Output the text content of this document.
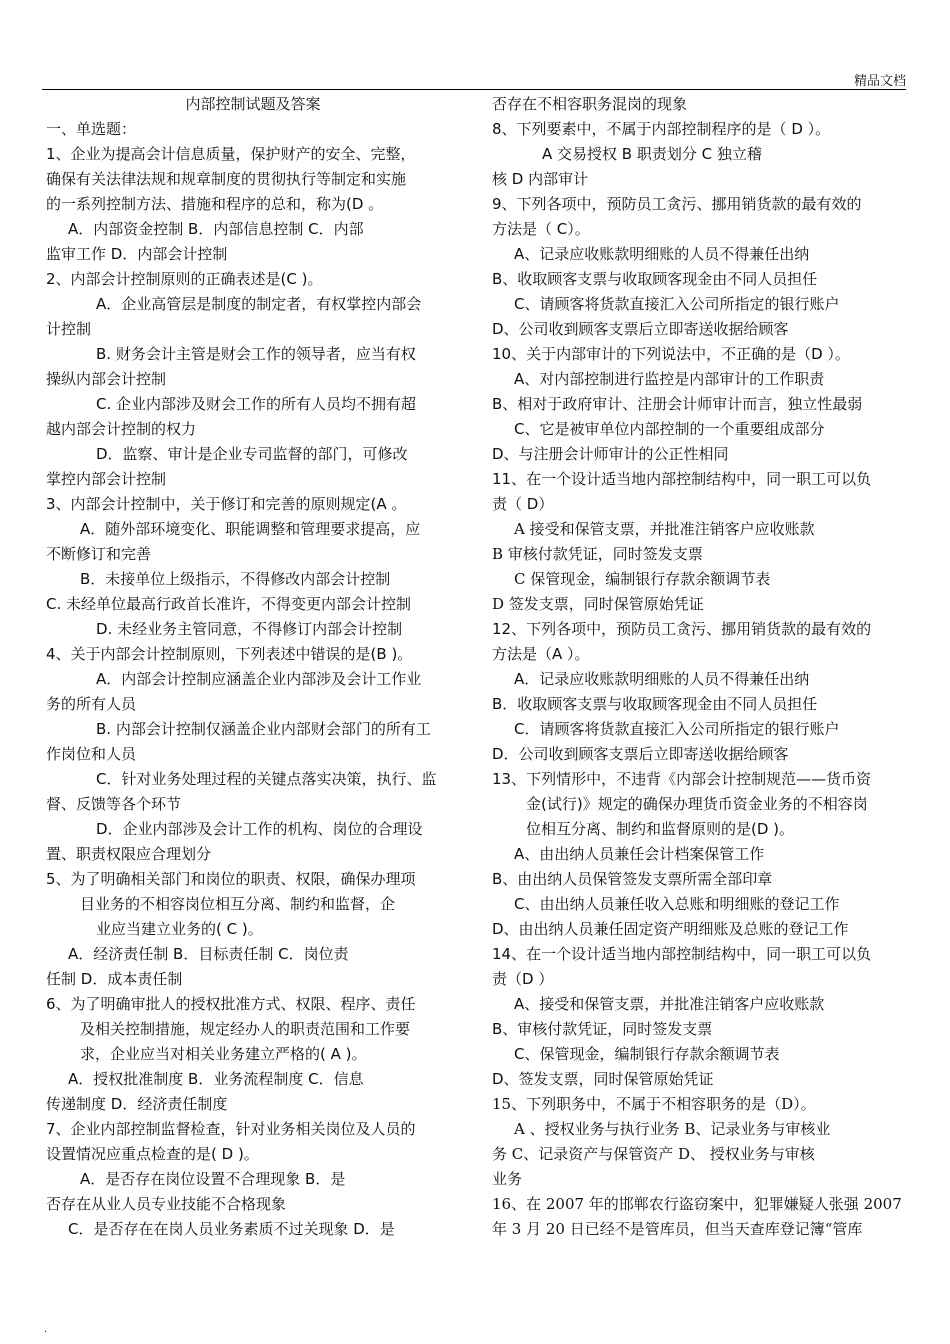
精品文档
内部控制试题及答案
一、单选题：
1、企业为提高会计信息质量，保护财产的安全、完整，
确保有关法律法规和规章制度的贯彻执行等制定和实施
的一系列控制方法、措施和程序的总和，称为(D 。
A．内部资金控制 B．内部信息控制 C．内部
监审工作 D．内部会计控制
2、内部会计控制原则的正确表述是(C )。
A．企业高管层是制度的制定者，有权掌控内部会
计控制
B. 财务会计主管是财会工作的领导者，应当有权
操纵内部会计控制
C. 企业内部涉及财会工作的所有人员均不拥有超
越内部会计控制的权力
D．监察、审计是企业专司监督的部门，可修改
掌控内部会计控制
3、内部会计控制中，关于修订和完善的原则规定(A 。
A．随外部环境变化、职能调整和管理要求提高，应
不断修订和完善
B．未接单位上级指示，不得修改内部会计控制
C. 未经单位最高行政首长准许，不得变更内部会计控制
D. 未经业务主管同意，不得修订内部会计控制
4、关于内部会计控制原则，下列表述中错误的是(B )。
A．内部会计控制应涵盖企业内部涉及会计工作业
务的所有人员
B. 内部会计控制仅涵盖企业内部财会部门的所有工
作岗位和人员
C．针对业务处理过程的关键点落实决策，执行、监
督、反馈等各个环节
D．企业内部涉及会计工作的机构、岗位的合理设
置、职责权限应合理划分
5、为了明确相关部门和岗位的职责、权限，确保办理项
目业务的不相容岗位相互分离、制约和监督，企
业应当建立业务的( C )。
A．经济责任制 B．目标责任制 C．岗位责
任制 D．成本责任制
6、为了明确审批人的授权批准方式、权限、程序、责任
及相关控制措施，规定经办人的职责范围和工作要
求，企业应当对相关业务建立严格的( A )。
A．授权批准制度 B．业务流程制度 C．信息
传递制度 D．经济责任制度
7、企业内部控制监督检查，针对业务相关岗位及人员的
设置情况应重点检查的是( D )。
A．是否存在岗位设置不合理现象 B．是
否存在从业人员专业技能不合格现象
C．是否存在在岗人员业务素质不过关现象 D．是
否存在不相容职务混岗的现象
8、下列要素中，不属于内部控制程序的是（ D ）。
A 交易授权 B 职责划分 C 独立稽
核 D 内部审计
9、下列各项中，预防员工贪污、挪用销货款的最有效的
方法是（ C）。
A、记录应收账款明细账的人员不得兼任出纳
B、收取顾客支票与收取顾客现金由不同人员担任
C、请顾客将货款直接汇入公司所指定的银行账户
D、公司收到顾客支票后立即寄送收据给顾客
10、关于内部审计的下列说法中，不正确的是（D ）。
A、对内部控制进行监控是内部审计的工作职责
B、相对于政府审计、注册会计师审计而言，独立性最弱
C、它是被审单位内部控制的一个重要组成部分
D、与注册会计师审计的公正性相同
11、在一个设计适当地内部控制结构中，同一职工可以负
责（ D）
A 接受和保管支票，并批准注销客户应收账款
B 审核付款凭证，同时签发支票
C 保管现金，编制银行存款余额调节表
D 签发支票，同时保管原始凭证
12、下列各项中，预防员工贪污、挪用销货款的最有效的
方法是（A ）。
A．记录应收账款明细账的人员不得兼任出纳
B．收取顾客支票与收取顾客现金由不同人员担任
C．请顾客将货款直接汇入公司所指定的银行账户
D．公司收到顾客支票后立即寄送收据给顾客
13、下列情形中，不违背《内部会计控制规范——货币资
金(试行)》规定的确保办理货币资金业务的不相容岗
位相互分离、制约和监督原则的是(D )。
A、由出纳人员兼任会计档案保管工作
B、由出纳人员保管签发支票所需全部印章
C、由出纳人员兼任收入总账和明细账的登记工作
D、由出纳人员兼任固定资产明细账及总账的登记工作
14、在一个设计适当地内部控制结构中，同一职工可以负
责（D ）
A、接受和保管支票，并批准注销客户应收账款
B、审核付款凭证，同时签发支票
C、保管现金，编制银行存款余额调节表
D、签发支票，同时保管原始凭证
15、下列职务中，不属于不相容职务的是（D）。
A 、授权业务与执行业务 B、记录业务与审核业
务 C、记录资产与保管资产 D、 授权业务与审核
业务
16、在 2007 年的邯郸农行盗窃案中，犯罪嫌疑人张强 2007
年 3 月 20 日已经不是管库员，但当天查库登记簿“管库
.
